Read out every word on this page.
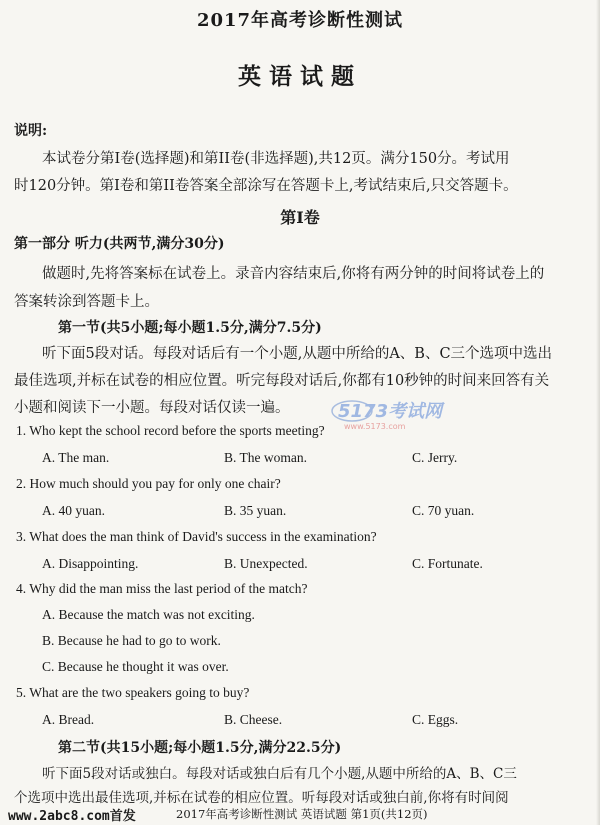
2017年高考诊断性测试
英语试题
说明:
本试卷分第I卷(选择题)和第II卷(非选择题),共12页。满分150分。考试用
时120分钟。第I卷和第II卷答案全部涂写在答题卡上,考试结束后,只交答题卡。
第I卷
第一部分 听力(共两节,满分30分)
做题时,先将答案标在试卷上。录音内容结束后,你将有两分钟的时间将试卷上的
答案转涂到答题卡上。
第一节(共5小题;每小题1.5分,满分7.5分)
听下面5段对话。每段对话后有一个小题,从题中所给的A、B、C三个选项中选出
最佳选项,并标在试卷的相应位置。听完每段对话后,你都有10秒钟的时间来回答有关
小题和阅读下一小题。每段对话仅读一遍。
1. Who kept the school record before the sports meeting?
A. The man.	B. The woman.	C. Jerry.
2. How much should you pay for only one chair?
A. 40 yuan.	B. 35 yuan.	C. 70 yuan.
3. What does the man think of David's success in the examination?
A. Disappointing.	B. Unexpected.	C. Fortunate.
4. Why did the man miss the last period of the match?
A. Because the match was not exciting.
B. Because he had to go to work.
C. Because he thought it was over.
5. What are the two speakers going to buy?
A. Bread.	B. Cheese.	C. Eggs.
第二节(共15小题;每小题1.5分,满分22.5分)
听下面5段对话或独白。每段对话或独白后有几个小题,从题中所给的A、B、C三
个选项中选出最佳选项,并标在试卷的相应位置。听每段对话或独白前,你将有时间阅
5173考试网
www.5173.com
www.2abc8.com首发	2017年高考诊断性测试 英语试题 第1页(共12页)
